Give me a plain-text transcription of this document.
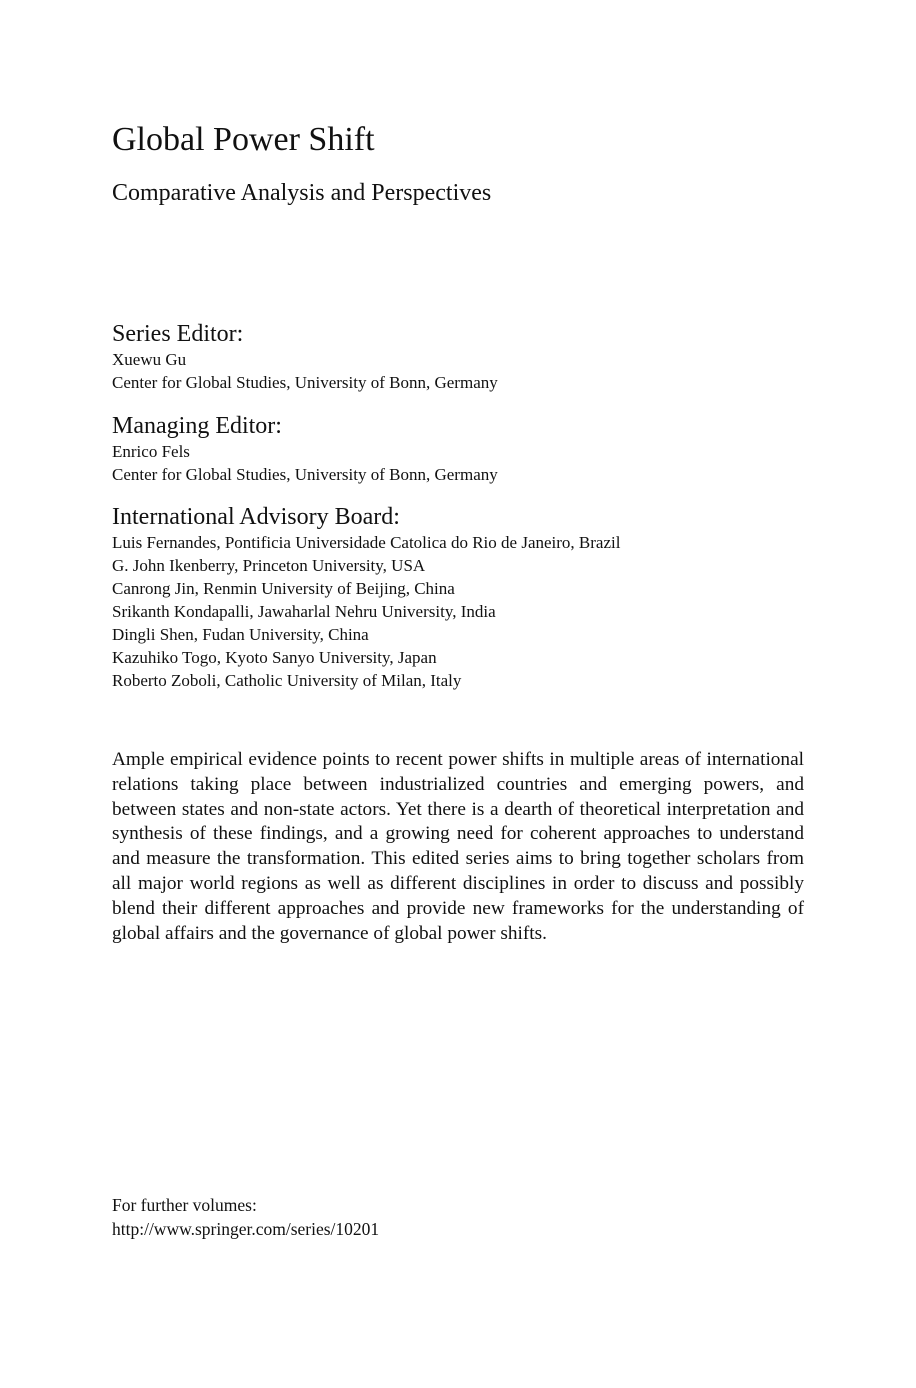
Global Power Shift
Comparative Analysis and Perspectives
Series Editor:

Xuewu Gu

Center for Global Studies, University of Bonn, Germany

Managing Editor:

Enrico Fels

Center for Global Studies, University of Bonn, Germany

International Advisory Board:
Luis Fernandes, Pontificia Universidade Catolica do Rio de Janeiro, Brazil
G. John Ikenberry, Princeton University, USA
Canrong Jin, Renmin University of Beijing, China
Srikanth Kondapalli, Jawaharlal Nehru University, India
Dingli Shen, Fudan University, China
Kazuhiko Togo, Kyoto Sanyo University, Japan
Roberto Zoboli, Catholic University of Milan, Italy

Ample empirical evidence points to recent power shifts in multiple areas of international relations taking place between industrialized countries and emerging powers, and between states and non-state actors. Yet there is a dearth of theoretical interpretation and synthesis of these findings, and a growing need for coherent approaches to understand and measure the transformation. This edited series aims to bring together scholars from all major world regions as well as different disciplines in order to discuss and possibly blend their different approaches and provide new frameworks for the understanding of global affairs and the governance of global power shifts.

For further volumes:

http://www.springer.com/series/10201
